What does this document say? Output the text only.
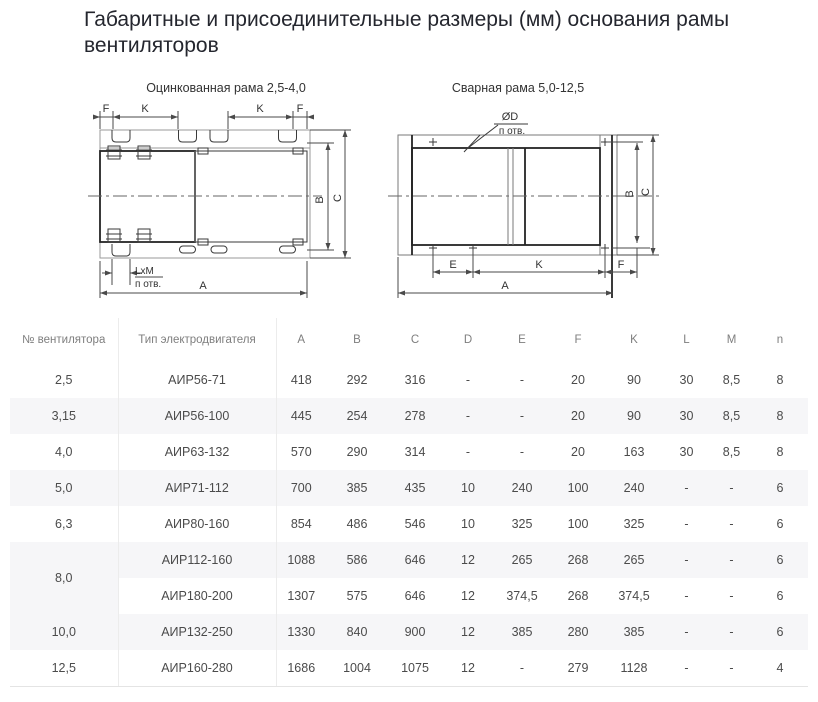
Габаритные и присоединительные размеры (мм) основания рамы
вентиляторов
Оцинкованная рама 2,5-4,0
F	K	K	F
B C
LxM
п отв.	A
Сварная рама 5,0-12,5
ØD
п отв.
B C
E	K	F
A
№ вентилятора	Тип электродвигателя	A	B	C	D	E	F	K	L	M	n
2,5	АИР56-71	418	292	316	-	-	20	90	30	8,5	8
3,15	АИР56-100	445	254	278	-	-	20	90	30	8,5	8
4,0	АИР63-132	570	290	314	-	-	20	163	30	8,5	8
5,0	АИР71-112	700	385	435	10	240	100	240	-	-	6
6,3	АИР80-160	854	486	546	10	325	100	325	-	-	6
8,0	АИР112-160	1088	586	646	12	265	268	265	-	-	6
	АИР180-200	1307	575	646	12	374,5	268	374,5	-	-	6
10,0	АИР132-250	1330	840	900	12	385	280	385	-	-	6
12,5	АИР160-280	1686	1004	1075	12	-	279	1128	-	-	4
